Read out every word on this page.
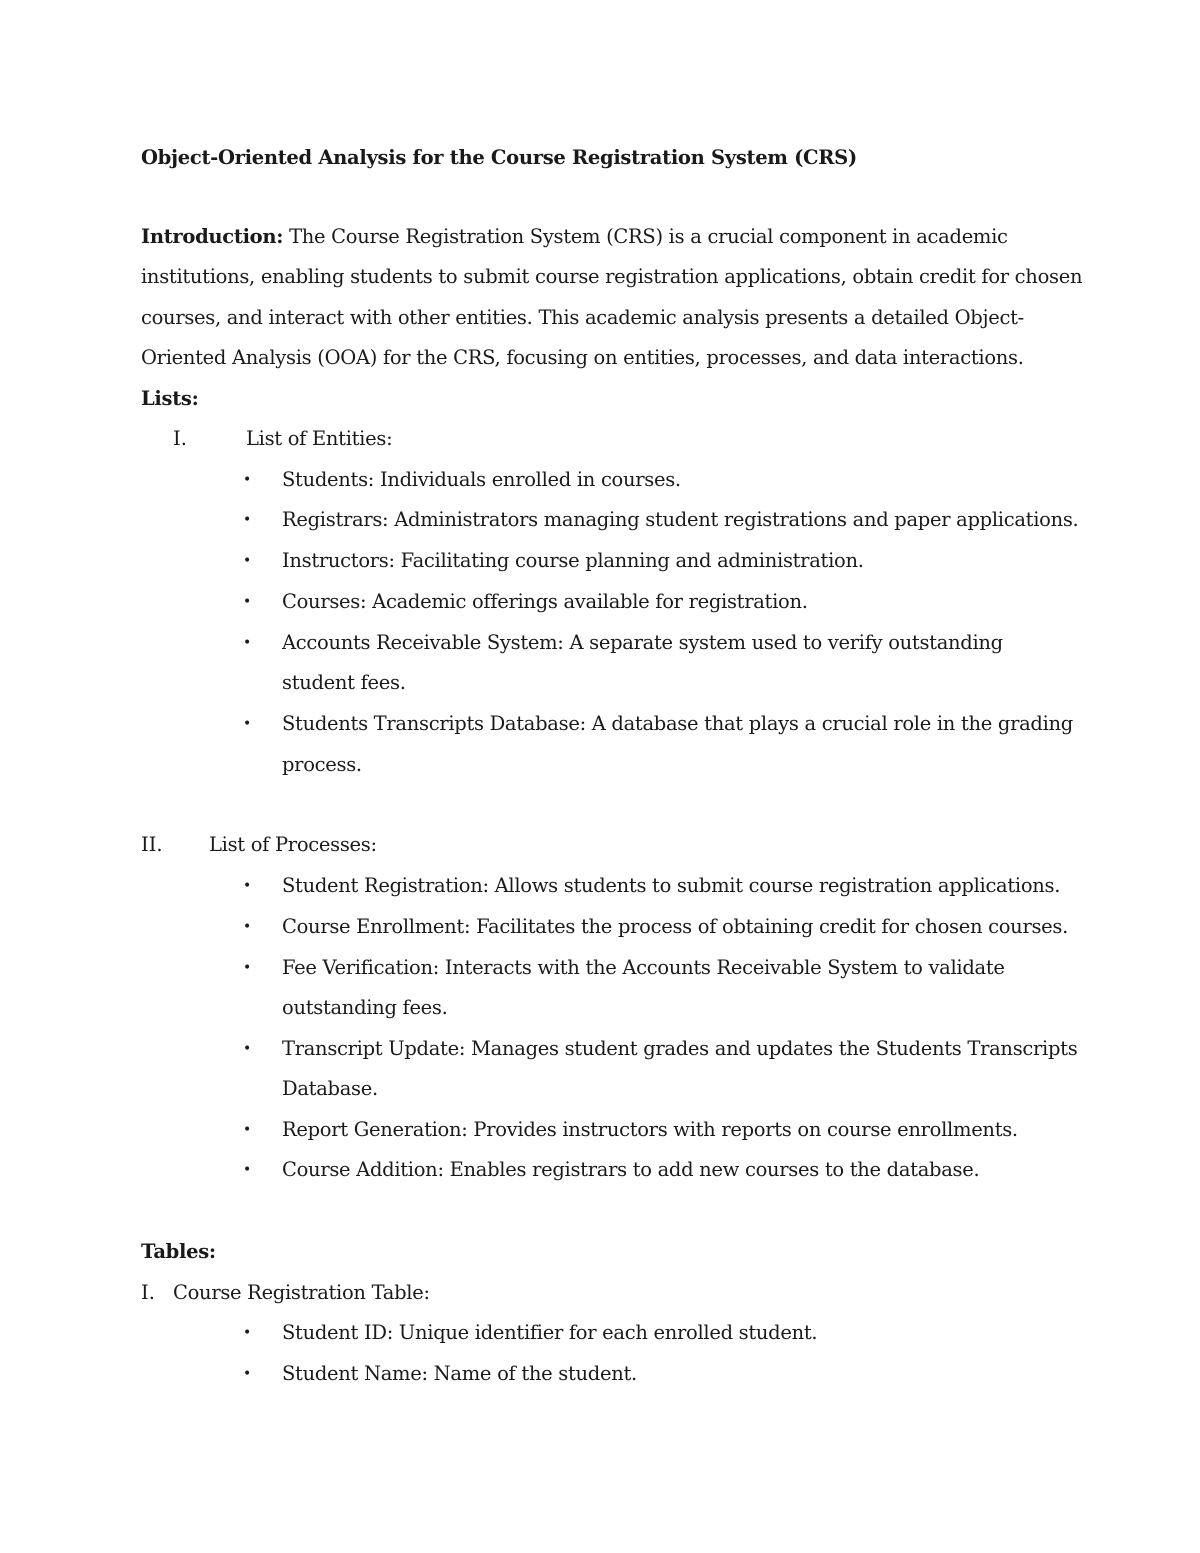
Object-Oriented Analysis for the Course Registration System (CRS)
Introduction: The Course Registration System (CRS) is a crucial component in academic
institutions, enabling students to submit course registration applications, obtain credit for chosen
courses, and interact with other entities. This academic analysis presents a detailed Object-
Oriented Analysis (OOA) for the CRS, focusing on entities, processes, and data interactions.
Lists:
I.	List of Entities:
• Students: Individuals enrolled in courses.
• Registrars: Administrators managing student registrations and paper applications.
• Instructors: Facilitating course planning and administration.
• Courses: Academic offerings available for registration.
• Accounts Receivable System: A separate system used to verify outstanding
student fees.
• Students Transcripts Database: A database that plays a crucial role in the grading
process.
II. List of Processes:
• Student Registration: Allows students to submit course registration applications.
• Course Enrollment: Facilitates the process of obtaining credit for chosen courses.
• Fee Verification: Interacts with the Accounts Receivable System to validate
outstanding fees.
• Transcript Update: Manages student grades and updates the Students Transcripts
Database.
• Report Generation: Provides instructors with reports on course enrollments.
• Course Addition: Enables registrars to add new courses to the database.
Tables:
I. Course Registration Table:
• Student ID: Unique identifier for each enrolled student.
• Student Name: Name of the student.
